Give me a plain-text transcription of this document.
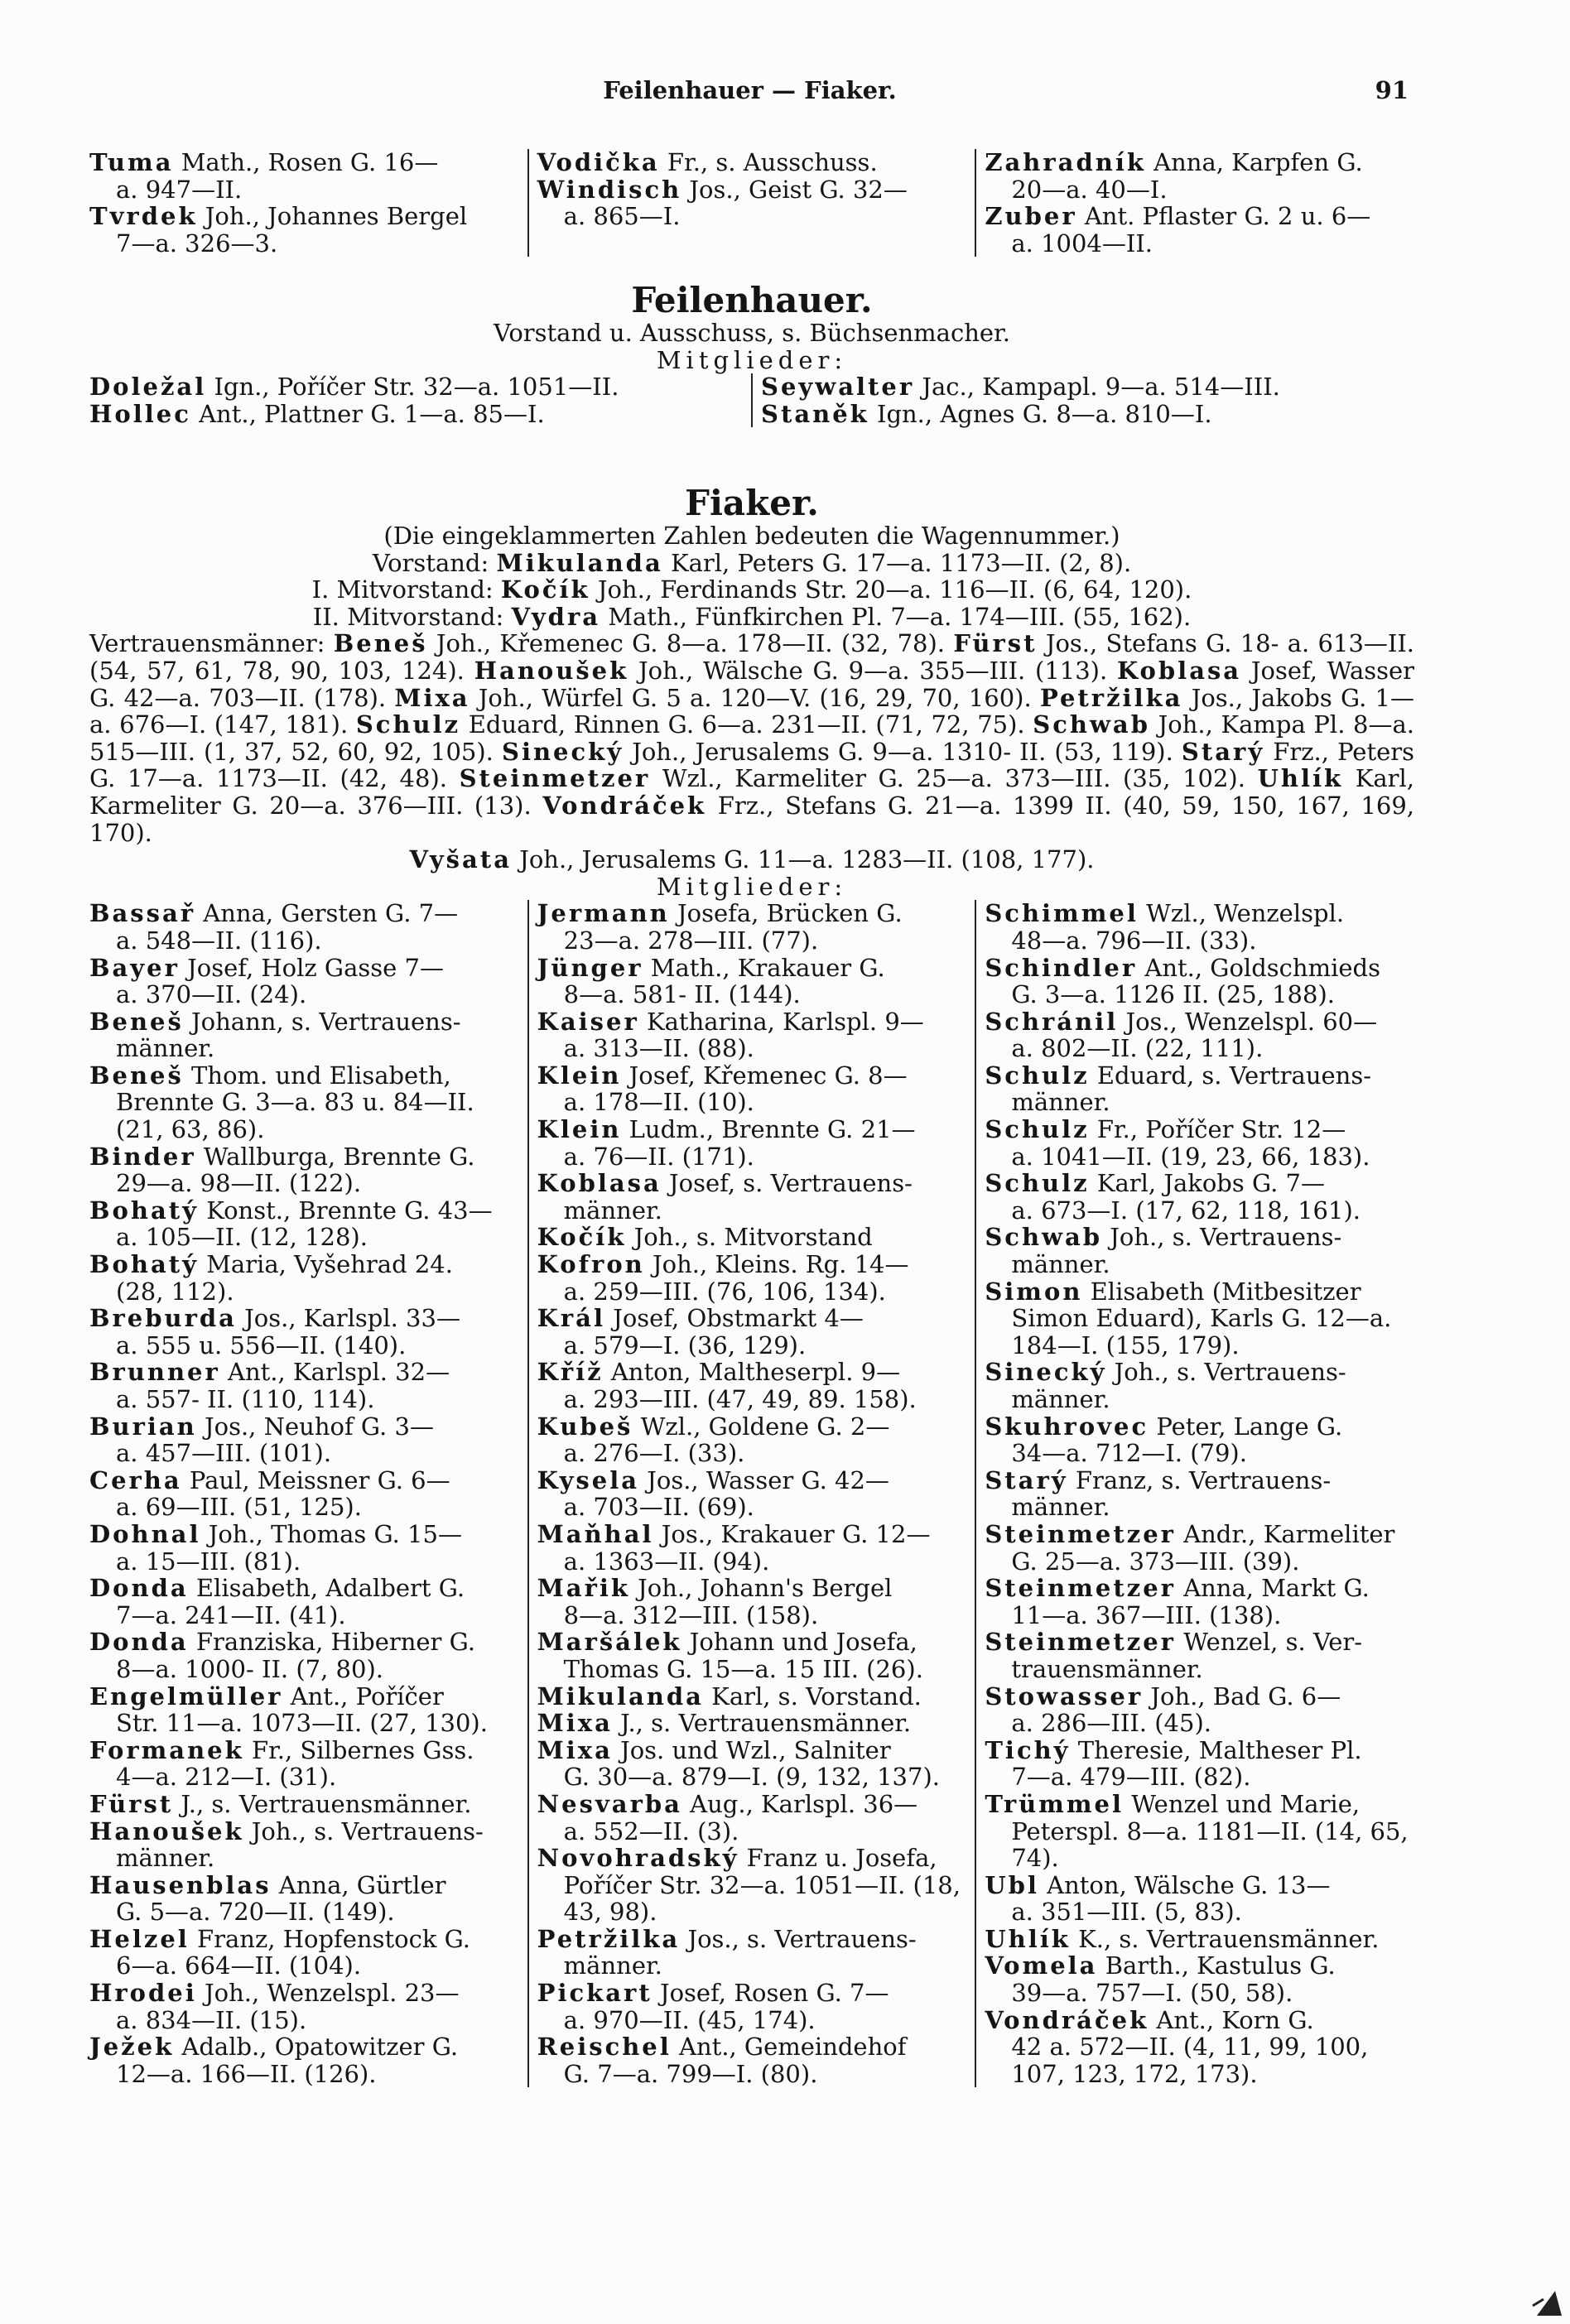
Feilenhauer — Fiaker.	91
Tuma Math., Rosen G. 16—
a. 947—II.
Tvrdek Joh., Johannes Bergel
7—a. 326—3.
Vodička Fr., s. Ausschuss.
Windisch Jos., Geist G. 32—
a. 865—I.
Zahradník Anna, Karpfen G.
20—a. 40—I.
Zuber Ant. Pflaster G. 2 u. 6—
a. 1004—II.
Feilenhauer.
Vorstand u. Ausschuss, s. Büchsenmacher.
Mitglieder:
Doležal Ign., Poříčer Str. 32—a. 1051—II.
Hollec Ant., Plattner G. 1—a. 85—I.
Seywalter Jac., Kampapl. 9—a. 514—III.
Staněk Ign., Agnes G. 8—a. 810—I.
Fiaker.
(Die eingeklammerten Zahlen bedeuten die Wagennummer.)
Vorstand: Mikulanda Karl, Peters G. 17—a. 1173—II. (2, 8).
I. Mitvorstand: Kočík Joh., Ferdinands Str. 20—a. 116—II. (6, 64, 120).
II. Mitvorstand: Vydra Math., Fünfkirchen Pl. 7—a. 174—III. (55, 162).
Vertrauensmänner: Beneš Joh., Křemenec G. 8—a. 178—II. (32, 78). Fürst Jos., Stefans G. 18- a. 613—II. (54, 57, 61, 78, 90, 103, 124). Hanoušek Joh., Wälsche G. 9—a. 355—III. (113). Koblasa Josef, Wasser G. 42—a. 703—II. (178). Mixa Joh., Würfel G. 5 a. 120—V. (16, 29, 70, 160). Petržilka Jos., Jakobs G. 1—a. 676—I. (147, 181). Schulz Eduard, Rinnen G. 6—a. 231—II. (71, 72, 75). Schwab Joh., Kampa Pl. 8—a. 515—III. (1, 37, 52, 60, 92, 105). Sinecký Joh., Jerusalems G. 9—a. 1310- II. (53, 119). Starý Frz., Peters G. 17—a. 1173—II. (42, 48). Steinmetzer Wzl., Karmeliter G. 25—a. 373—III. (35, 102). Uhlík Karl, Karmeliter G. 20—a. 376—III. (13). Vondráček Frz., Stefans G. 21—a. 1399 II. (40, 59, 150, 167, 169, 170).
Vyšata Joh., Jerusalems G. 11—a. 1283—II. (108, 177).
Mitglieder:
Bassař Anna, Gersten G. 7—
a. 548—II. (116).
Bayer Josef, Holz Gasse 7—
a. 370—II. (24).
Beneš Johann, s. Vertrauens-
männer.
Beneš Thom. und Elisabeth,
Brennte G. 3—a. 83 u. 84—II. (21, 63, 86).
Binder Wallburga, Brennte G.
29—a. 98—II. (122).
Bohatý Konst., Brennte G. 43—
a. 105—II. (12, 128).
Bohatý Maria, Vyšehrad 24.
(28, 112).
Breburda Jos., Karlspl. 33—
a. 555 u. 556—II. (140).
Brunner Ant., Karlspl. 32—
a. 557- II. (110, 114).
Burian Jos., Neuhof G. 3—
a. 457—III. (101).
Cerha Paul, Meissner G. 6—
a. 69—III. (51, 125).
Dohnal Joh., Thomas G. 15—
a. 15—III. (81).
Donda Elisabeth, Adalbert G.
7—a. 241—II. (41).
Donda Franziska, Hiberner G.
8—a. 1000- II. (7, 80).
Engelmüller Ant., Poříčer
Str. 11—a. 1073—II. (27, 130).
Formanek Fr., Silbernes Gss.
4—a. 212—I. (31).
Fürst J., s. Vertrauensmänner.
Hanoušek Joh., s. Vertrauens-
männer.
Hausenblas Anna, Gürtler
G. 5—a. 720—II. (149).
Helzel Franz, Hopfenstock G.
6—a. 664—II. (104).
Hrodei Joh., Wenzelspl. 23—
a. 834—II. (15).
Ježek Adalb., Opatowitzer G.
12—a. 166—II. (126).
Jermann Josefa, Brücken G.
23—a. 278—III. (77).
Jünger Math., Krakauer G.
8—a. 581- II. (144).
Kaiser Katharina, Karlspl. 9—
a. 313—II. (88).
Klein Josef, Křemenec G. 8—
a. 178—II. (10).
Klein Ludm., Brennte G. 21—
a. 76—II. (171).
Koblasa Josef, s. Vertrauens-
männer.
Kočík Joh., s. Mitvorstand
Kofron Joh., Kleins. Rg. 14—
a. 259—III. (76, 106, 134).
Král Josef, Obstmarkt 4—
a. 579—I. (36, 129).
Kříž Anton, Maltheserpl. 9—
a. 293—III. (47, 49, 89. 158).
Kubeš Wzl., Goldene G. 2—
a. 276—I. (33).
Kysela Jos., Wasser G. 42—
a. 703—II. (69).
Maňhal Jos., Krakauer G. 12—
a. 1363—II. (94).
Mařik Joh., Johann's Bergel
8—a. 312—III. (158).
Maršálek Johann und Josefa,
Thomas G. 15—a. 15 III. (26).
Mikulanda Karl, s. Vorstand.
Mixa J., s. Vertrauensmänner.
Mixa Jos. und Wzl., Salniter
G. 30—a. 879—I. (9, 132, 137).
Nesvarba Aug., Karlspl. 36—
a. 552—II. (3).
Novohradský Franz u. Josefa,
Poříčer Str. 32—a. 1051—II. (18, 43, 98).
Petržilka Jos., s. Vertrauens-
männer.
Pickart Josef, Rosen G. 7—
a. 970—II. (45, 174).
Reischel Ant., Gemeindehof
G. 7—a. 799—I. (80).
Schimmel Wzl., Wenzelspl.
48—a. 796—II. (33).
Schindler Ant., Goldschmieds
G. 3—a. 1126 II. (25, 188).
Schránil Jos., Wenzelspl. 60—
a. 802—II. (22, 111).
Schulz Eduard, s. Vertrauens-
männer.
Schulz Fr., Poříčer Str. 12—
a. 1041—II. (19, 23, 66, 183).
Schulz Karl, Jakobs G. 7—
a. 673—I. (17, 62, 118, 161).
Schwab Joh., s. Vertrauens-
männer.
Simon Elisabeth (Mitbesitzer
Simon Eduard), Karls G. 12—a. 184—I. (155, 179).
Sinecký Joh., s. Vertrauens-
männer.
Skuhrovec Peter, Lange G.
34—a. 712—I. (79).
Starý Franz, s. Vertrauens-
männer.
Steinmetzer Andr., Karmeliter
G. 25—a. 373—III. (39).
Steinmetzer Anna, Markt G.
11—a. 367—III. (138).
Steinmetzer Wenzel, s. Ver-
trauensmänner.
Stowasser Joh., Bad G. 6—
a. 286—III. (45).
Tichý Theresie, Maltheser Pl.
7—a. 479—III. (82).
Trümmel Wenzel und Marie,
Peterspl. 8—a. 1181—II. (14, 65, 74).
Ubl Anton, Wälsche G. 13—
a. 351—III. (5, 83).
Uhlík K., s. Vertrauensmänner.
Vomela Barth., Kastulus G.
39—a. 757—I. (50, 58).
Vondráček Ant., Korn G.
42 a. 572—II. (4, 11, 99, 100, 107, 123, 172, 173).
